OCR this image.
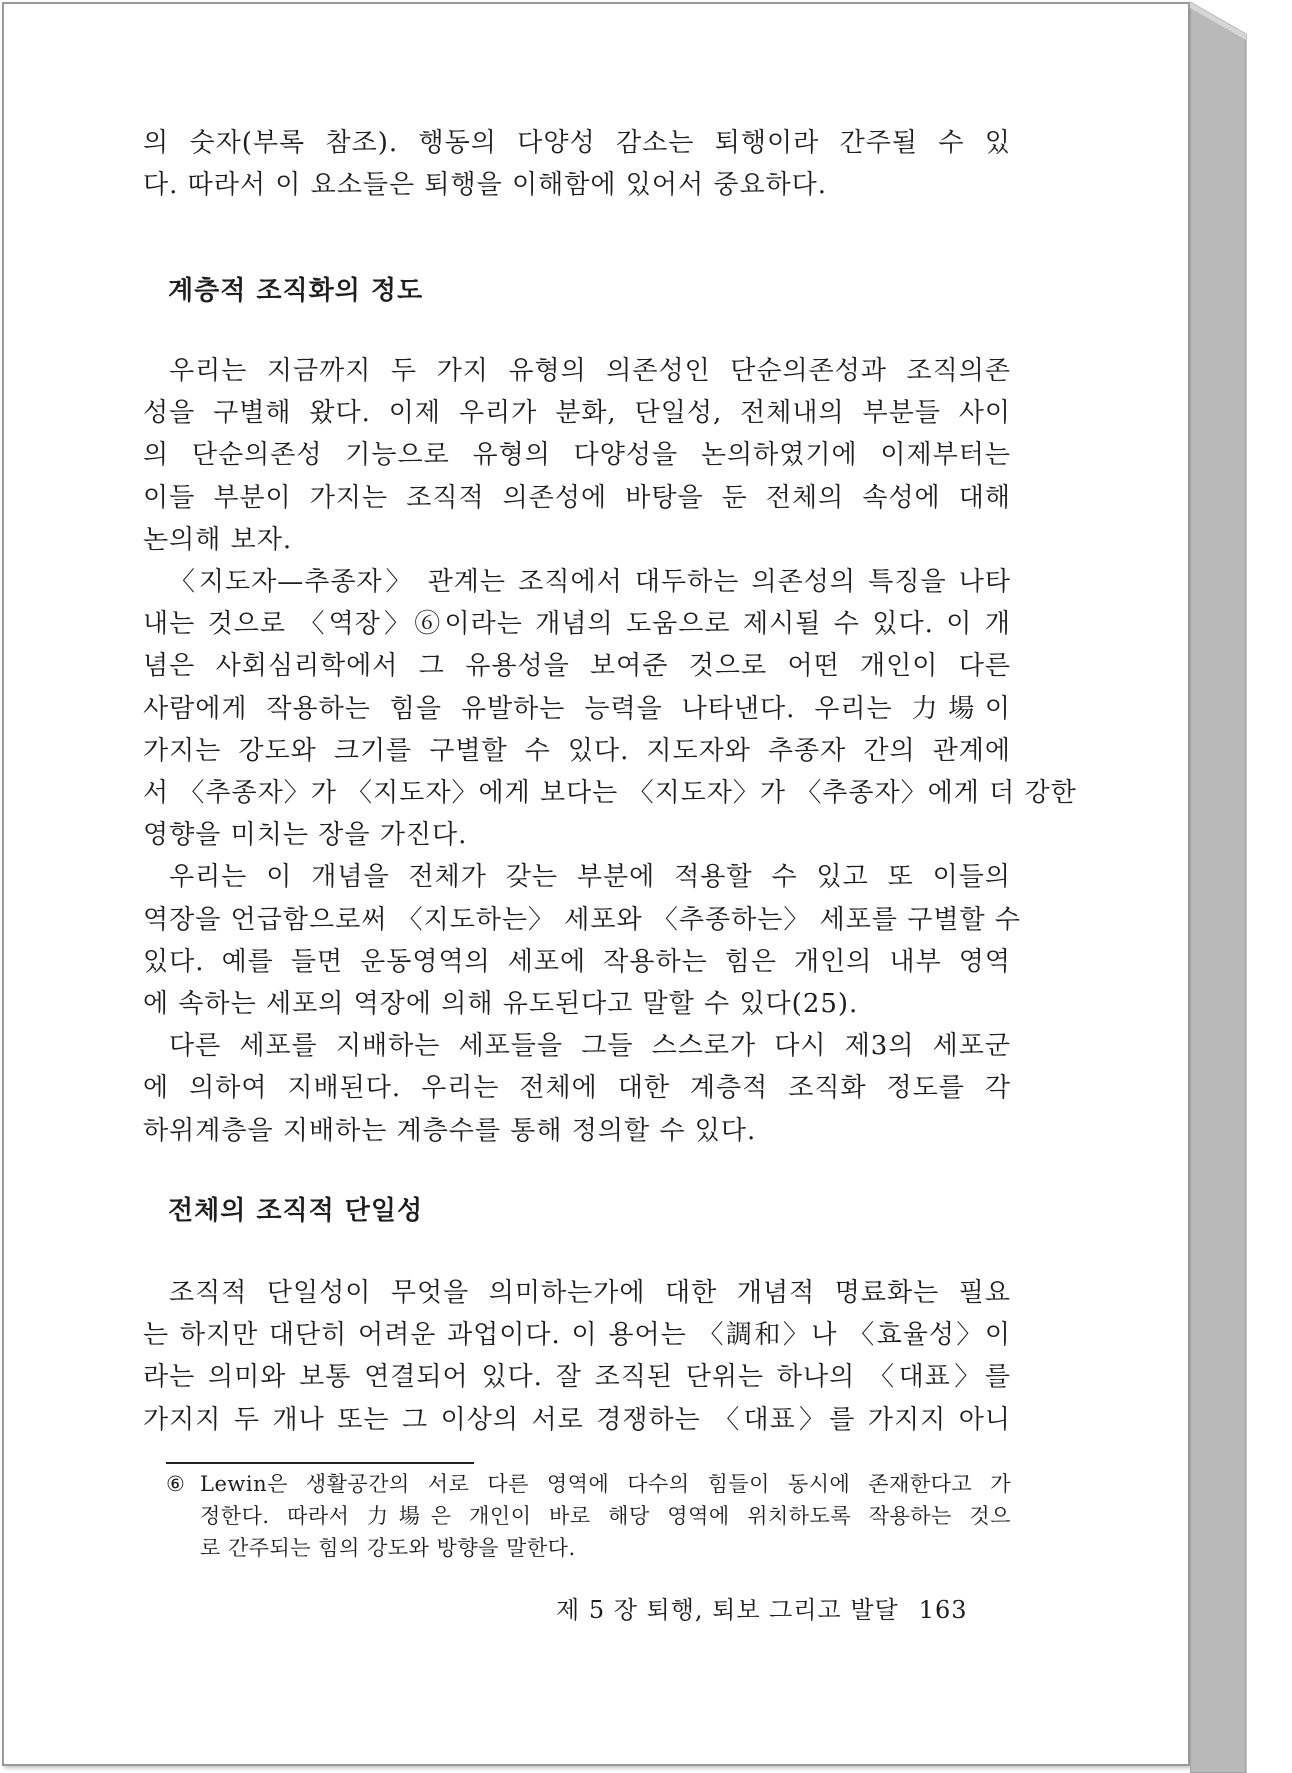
의 숫자(부록 참조). 행동의 다양성 감소는 퇴행이라 간주될 수 있
다. 따라서 이 요소들은 퇴행을 이해함에 있어서 중요하다.
계층적 조직화의 정도
우리는 지금까지 두 가지 유형의 의존성인 단순의존성과 조직의존
성을 구별해 왔다. 이제 우리가 분화, 단일성, 전체내의 부분들 사이
의 단순의존성 기능으로 유형의 다양성을 논의하였기에 이제부터는
이들 부분이 가지는 조직적 의존성에 바탕을 둔 전체의 속성에 대해
논의해 보자.
〈지도자—추종자〉 관계는 조직에서 대두하는 의존성의 특징을 나타
내는 것으로 〈역장〉⑥이라는 개념의 도움으로 제시될 수 있다. 이 개
념은 사회심리학에서 그 유용성을 보여준 것으로 어떤 개인이 다른
사람에게 작용하는 힘을 유발하는 능력을 나타낸다. 우리는 力場이
가지는 강도와 크기를 구별할 수 있다. 지도자와 추종자 간의 관계에
서 〈추종자〉가 〈지도자〉에게 보다는 〈지도자〉가 〈추종자〉에게 더 강한
영향을 미치는 장을 가진다.
우리는 이 개념을 전체가 갖는 부분에 적용할 수 있고 또 이들의
역장을 언급함으로써 〈지도하는〉 세포와 〈추종하는〉 세포를 구별할 수
있다. 예를 들면 운동영역의 세포에 작용하는 힘은 개인의 내부 영역
에 속하는 세포의 역장에 의해 유도된다고 말할 수 있다(25).
다른 세포를 지배하는 세포들을 그들 스스로가 다시 제3의 세포군
에 의하여 지배된다. 우리는 전체에 대한 계층적 조직화 정도를 각
하위계층을 지배하는 계층수를 통해 정의할 수 있다.
전체의 조직적 단일성
조직적 단일성이 무엇을 의미하는가에 대한 개념적 명료화는 필요
는 하지만 대단히 어려운 과업이다. 이 용어는 〈調和〉나 〈효율성〉이
라는 의미와 보통 연결되어 있다. 잘 조직된 단위는 하나의 〈대표〉를
가지지 두 개나 또는 그 이상의 서로 경쟁하는 〈대표〉를 가지지 아니
⑥ Lewin은 생활공간의 서로 다른 영역에 다수의 힘들이 동시에 존재한다고 가
정한다. 따라서 力場은 개인이 바로 해당 영역에 위치하도록 작용하는 것으
로 간주되는 힘의 강도와 방향을 말한다.
제 5 장 퇴행, 퇴보 그리고 발달 163
